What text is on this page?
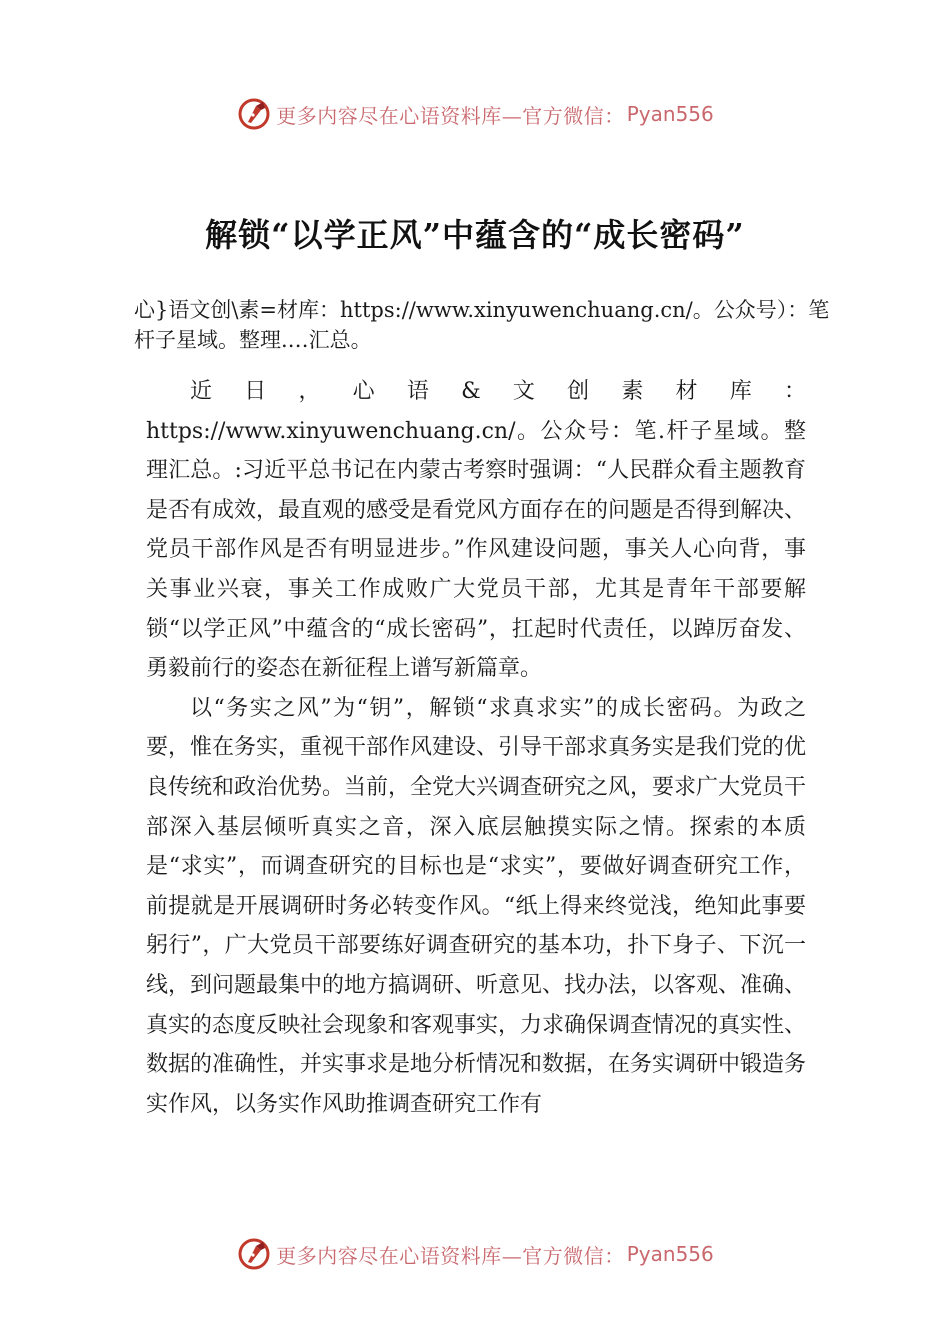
更多内容尽在心语资料库—官方微信： Pyan556
解锁“以学正风”中蕴含的“成长密码”
心}语文创\素=材库：https://www.xinyuwenchuang.cn/。公众号）：笔杆子星域。整理.…汇总。

近日，心语&文创素材库：https://www.xinyuwenchuang.cn/。公众号：笔.杆子星域。整理汇总。:习近平总书记在内蒙古考察时强调：“人民群众看主题教育是否有成效，最直观的感受是看党风方面存在的问题是否得到解决、党员干部作风是否有明显进步。”作风建设问题，事关人心向背，事关事业兴衰，事关工作成败广大党员干部，尤其是青年干部要解锁“以学正风”中蕴含的“成长密码”，扛起时代责任，以踔厉奋发、勇毅前行的姿态在新征程上谱写新篇章。

以“务实之风”为“钥”，解锁“求真求实”的成长密码。为政之要，惟在务实，重视干部作风建设、引导干部求真务实是我们党的优良传统和政治优势。当前，全党大兴调查研究之风，要求广大党员干部深入基层倾听真实之音，深入底层触摸实际之情。探索的本质是“求实”，而调查研究的目标也是“求实”，要做好调查研究工作，前提就是开展调研时务必转变作风。“纸上得来终觉浅，绝知此事要躬行”，广大党员干部要练好调查研究的基本功，扑下身子、下沉一线，到问题最集中的地方搞调研、听意见、找办法，以客观、准确、真实的态度反映社会现象和客观事实，力求确保调查情况的真实性、数据的准确性，并实事求是地分析情况和数据，在务实调研中锻造务实作风，以务实作风助推调查研究工作有

更多内容尽在心语资料库—官方微信： Pyan556
